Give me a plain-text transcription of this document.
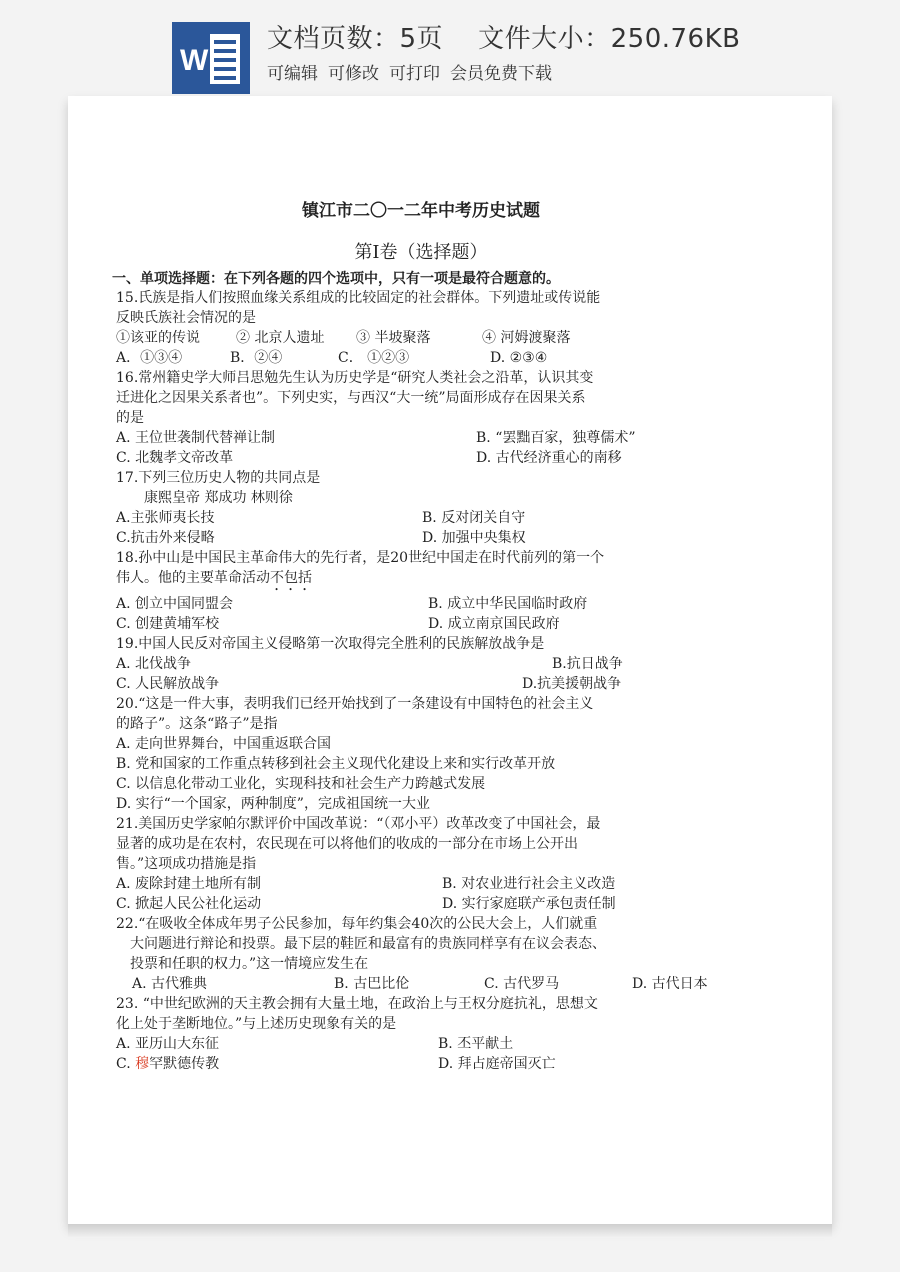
W
文档页数：5页 文件大小：250.76KB
可编辑 可修改 可打印 会员免费下载
镇江市二〇一二年中考历史试题
第Ⅰ卷（选择题）
一、单项选择题：在下列各题的四个选项中，只有一项是最符合题意的。
15.氏族是指人们按照血缘关系组成的比较固定的社会群体。下列遗址或传说能
反映氏族社会情况的是
①该亚的传说	② 北京人遗址 ③ 半坡聚落	④ 河姆渡聚落
A．①③④	B．②④	C． ①②③	D. ②③④
16.常州籍史学大师吕思勉先生认为历史学是“研究人类社会之沿革，认识其变
迁进化之因果关系者也”。下列史实，与西汉“大一统”局面形成存在因果关系
的是
A. 王位世袭制代替禅让制	B. “罢黜百家，独尊儒术”
C. 北魏孝文帝改革	D. 古代经济重心的南移
17.下列三位历史人物的共同点是
康熙皇帝 郑成功 林则徐
A.主张师夷长技	B. 反对闭关自守
C.抗击外来侵略	D. 加强中央集权
18.孙中山是中国民主革命伟大的先行者，是20世纪中国走在时代前列的第一个
伟人。他的主要革命活动不包括
A. 创立中国同盟会	B. 成立中华民国临时政府
C. 创建黄埔军校	D. 成立南京国民政府
19.中国人民反对帝国主义侵略第一次取得完全胜利的民族解放战争是
A. 北伐战争	B.抗日战争
C. 人民解放战争	D.抗美援朝战争
20.“这是一件大事，表明我们已经开始找到了一条建设有中国特色的社会主义
的路子”。这条“路子”是指
A. 走向世界舞台，中国重返联合国
B. 党和国家的工作重点转移到社会主义现代化建设上来和实行改革开放
C. 以信息化带动工业化，实现科技和社会生产力跨越式发展
D. 实行“一个国家，两种制度”，完成祖国统一大业
21.美国历史学家帕尔默评价中国改革说：“（邓小平）改革改变了中国社会，最
显著的成功是在农村，农民现在可以将他们的收成的一部分在市场上公开出
售。”这项成功措施是指
A. 废除封建土地所有制	B. 对农业进行社会主义改造
C. 掀起人民公社化运动	D. 实行家庭联产承包责任制
22.“在吸收全体成年男子公民参加，每年约集会40次的公民大会上，人们就重
大问题进行辩论和投票。最下层的鞋匠和最富有的贵族同样享有在议会表态、
投票和任职的权力。”这一情境应发生在
A. 古代雅典	B. 古巴比伦	C. 古代罗马	D. 古代日本
23. “中世纪欧洲的天主教会拥有大量土地，在政治上与王权分庭抗礼，思想文
化上处于垄断地位。”与上述历史现象有关的是
A. 亚历山大东征	B. 丕平献土
C. 穆罕默德传教	D. 拜占庭帝国灭亡
